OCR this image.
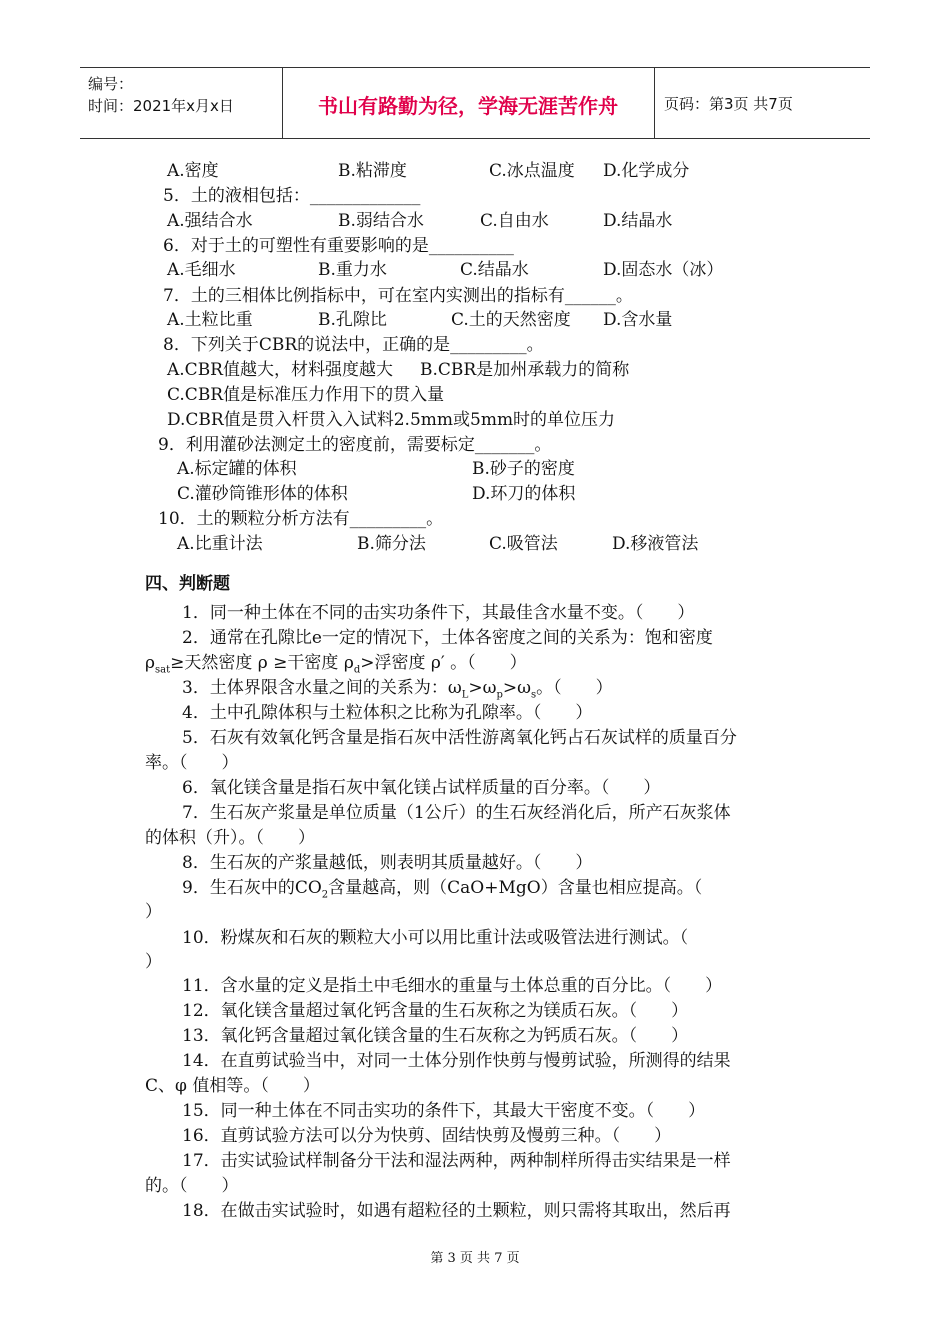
编号：
时间：2021年x月x日	书山有路勤为径，学海无涯苦作舟	页码：第3页 共7页
A.密度	B.粘滞度	C.冰点温度 D.化学成分
5．土的液相包括：_____________
A.强结合水	B.弱结合水	C.自由水	D.结晶水
6．对于土的可塑性有重要影响的是__________
A.毛细水	B.重力水	C.结晶水	D.固态水（冰）
7．土的三相体比例指标中，可在室内实测出的指标有______。
A.土粒比重	B.孔隙比	C.土的天然密度 D.含水量
8．下列关于CBR的说法中，正确的是_________。
A.CBR值越大，材料强度越大 B.CBR是加州承载力的简称
C.CBR值是标准压力作用下的贯入量
D.CBR值是贯入杆贯入入试料2.5mm或5mm时的单位压力
9．利用灌砂法测定土的密度前，需要标定_______。
A.标定罐的体积	B.砂子的密度
C.灌砂筒锥形体的体积	D.环刀的体积
10．土的颗粒分析方法有_________。
A.比重计法	B.筛分法	C.吸管法	D.移液管法
四、判断题
1．同一种土体在不同的击实功条件下，其最佳含水量不变。（　　）
2．通常在孔隙比e一定的情况下，土体各密度之间的关系为：饱和密度
$\rho_{sat}\ge$天然密度 ρ ≥干密度 $\rho_d>$浮密度 ρ′ 。（　　）
3．土体界限含水量之间的关系为：$\omega_L>\omega_p>\omega_s$。（　　）
4．土中孔隙体积与土粒体积之比称为孔隙率。（　　）
5．石灰有效氧化钙含量是指石灰中活性游离氧化钙占石灰试样的质量百分
率。（　　）
6．氧化镁含量是指石灰中氧化镁占试样质量的百分率。（　　）
7．生石灰产浆量是单位质量（1公斤）的生石灰经消化后，所产石灰浆体
的体积（升）。（　　）
8．生石灰的产浆量越低，则表明其质量越好。（　　）
9．生石灰中的$CO_2$含量越高，则（CaO+MgO）含量也相应提高。（
）
10．粉煤灰和石灰的颗粒大小可以用比重计法或吸管法进行测试。（
）
11．含水量的定义是指土中毛细水的重量与土体总重的百分比。（　　）
12．氧化镁含量超过氧化钙含量的生石灰称之为镁质石灰。（　　）
13．氧化钙含量超过氧化镁含量的生石灰称之为钙质石灰。（　　）
14．在直剪试验当中，对同一土体分别作快剪与慢剪试验，所测得的结果
C、φ 值相等。（　　）
15．同一种土体在不同击实功的条件下，其最大干密度不变。（　　）
16．直剪试验方法可以分为快剪、固结快剪及慢剪三种。（　　）
17．击实试验试样制备分干法和湿法两种，两种制样所得击实结果是一样
的。（　　）
18．在做击实试验时，如遇有超粒径的土颗粒，则只需将其取出，然后再
第 3 页 共 7 页
